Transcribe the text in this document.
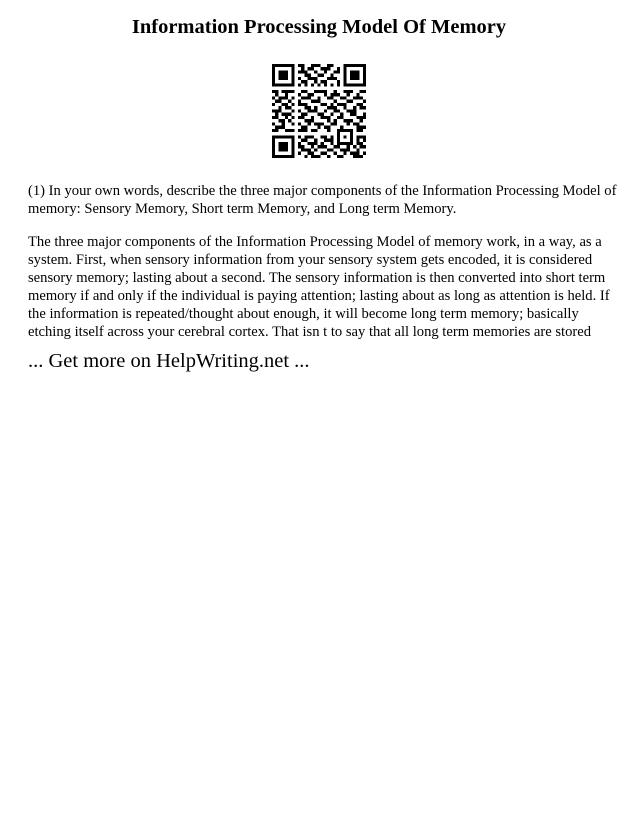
Information Processing Model Of Memory

(1) In your own words, describe the three major components of the Information Processing Model of memory: Sensory Memory, Short term Memory, and Long term Memory.

The three major components of the Information Processing Model of memory work, in a way, as a system. First, when sensory information from your sensory system gets encoded, it is considered sensory memory; lasting about a second. The sensory information is then converted into short term memory if and only if the individual is paying attention; lasting about as long as attention is held. If the information is repeated/thought about enough, it will become long term memory; basically etching itself across your cerebral cortex. That isn t to say that all long term memories are stored

... Get more on HelpWriting.net ...
